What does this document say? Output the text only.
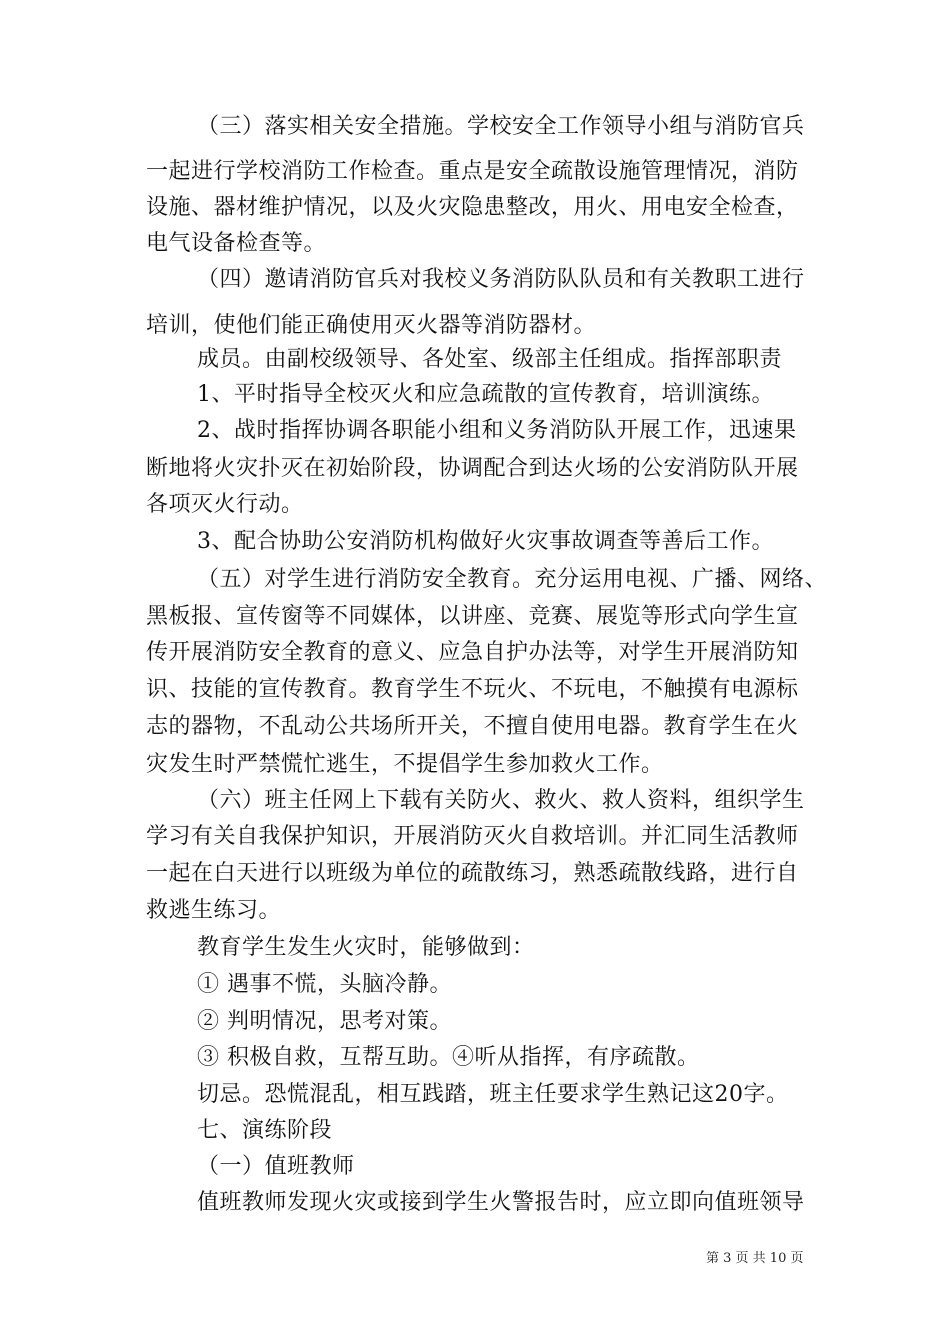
（三）落实相关安全措施。学校安全工作领导小组与消防官兵
一起进行学校消防工作检查。重点是安全疏散设施管理情况，消防
设施、器材维护情况，以及火灾隐患整改，用火、用电安全检查，
电气设备检查等。
（四）邀请消防官兵对我校义务消防队队员和有关教职工进行
培训，使他们能正确使用灭火器等消防器材。
成员。由副校级领导、各处室、级部主任组成。指挥部职责
1、平时指导全校灭火和应急疏散的宣传教育，培训演练。
2、战时指挥协调各职能小组和义务消防队开展工作，迅速果
断地将火灾扑灭在初始阶段，协调配合到达火场的公安消防队开展
各项灭火行动。
3、配合协助公安消防机构做好火灾事故调查等善后工作。
（五）对学生进行消防安全教育。充分运用电视、广播、网络、
黑板报、宣传窗等不同媒体，以讲座、竞赛、展览等形式向学生宣
传开展消防安全教育的意义、应急自护办法等，对学生开展消防知
识、技能的宣传教育。教育学生不玩火、不玩电，不触摸有电源标
志的器物，不乱动公共场所开关，不擅自使用电器。教育学生在火
灾发生时严禁慌忙逃生，不提倡学生参加救火工作。
（六）班主任网上下载有关防火、救火、救人资料，组织学生
学习有关自我保护知识，开展消防灭火自救培训。并汇同生活教师
一起在白天进行以班级为单位的疏散练习，熟悉疏散线路，进行自
救逃生练习。
教育学生发生火灾时，能够做到：
① 遇事不慌，头脑冷静。
② 判明情况，思考对策。
③ 积极自救，互帮互助。④听从指挥，有序疏散。
切忌。恐慌混乱，相互践踏，班主任要求学生熟记这20字。
七、演练阶段
（一）值班教师
值班教师发现火灾或接到学生火警报告时，应立即向值班领导
第 3 页 共 10 页
